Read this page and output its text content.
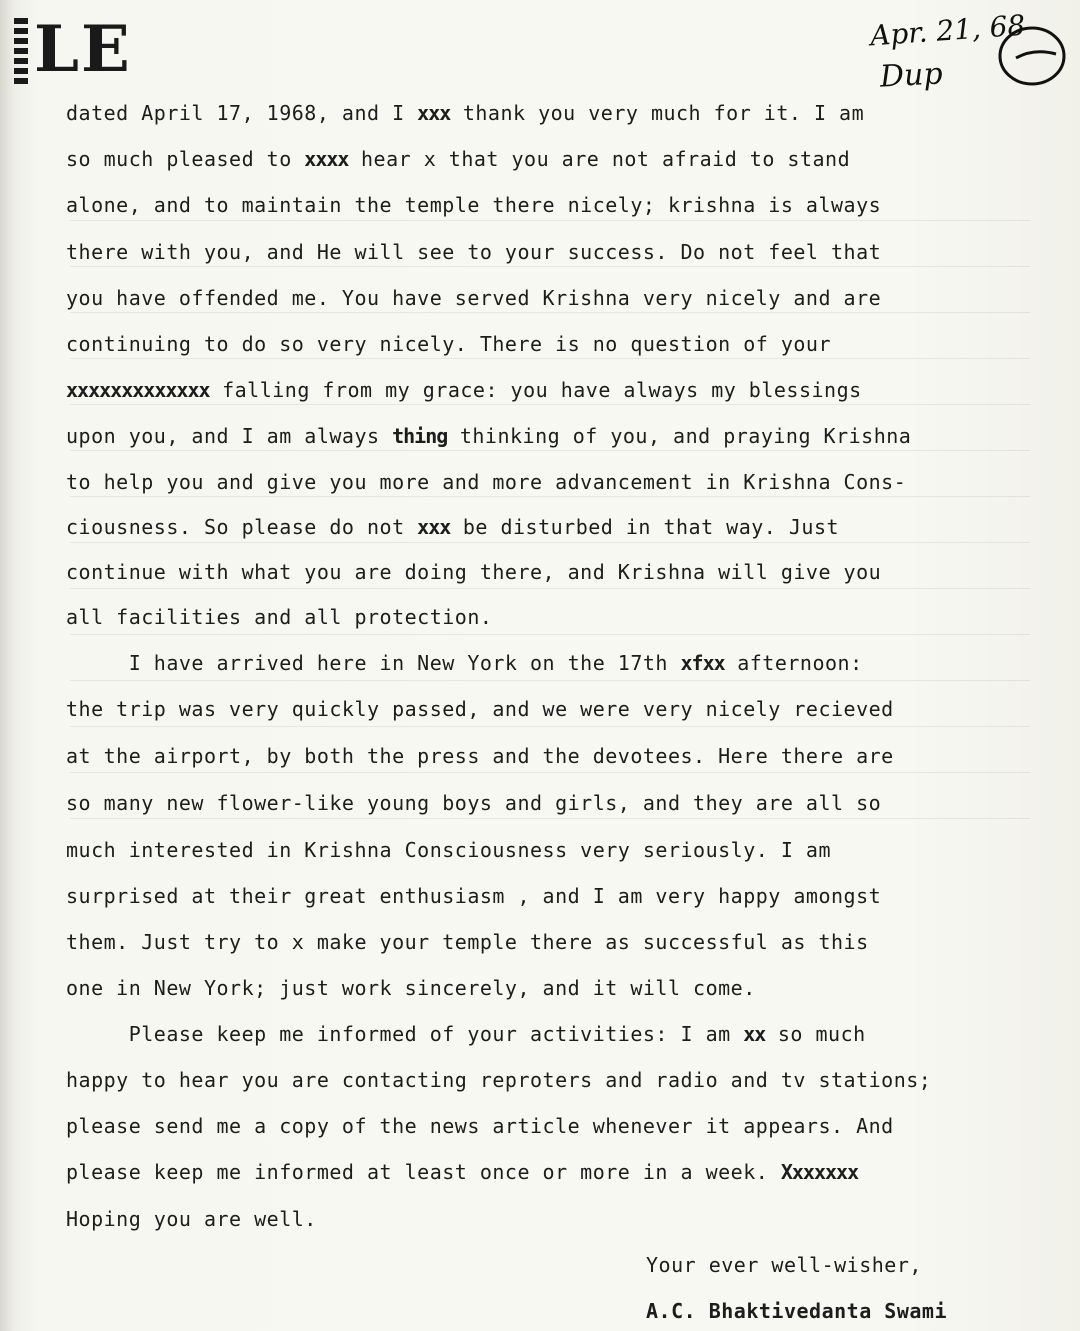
LE	Apr. 21, 68
Dup
dated April 17, 1968, and I xxx thank you very much for it. I am
so much pleased to xxxx hear x that you are not afraid to stand
alone, and to maintain the temple there nicely; krishna is always
there with you, and He will see to your success. Do not feel that
you have offended me. You have served Krishna very nicely and are
continuing to do so very nicely. There is no question of your
xxxxxxxxxxxxx falling from my grace: you have always my blessings
upon you, and I am always thing thinking of you, and praying Krishna
to help you and give you more and more advancement in Krishna Cons-
ciousness. So please do not xxx be disturbed in that way. Just
continue with what you are doing there, and Krishna will give you
all facilities and all protection.
I have arrived here in New York on the 17th xfxx afternoon:
the trip was very quickly passed, and we were very nicely recieved
at the airport, by both the press and the devotees. Here there are
so many new flower-like young boys and girls, and they are all so
much interested in Krishna Consciousness very seriously. I am
surprised at their great enthusiasm , and I am very happy amongst
them. Just try to x make your temple there as successful as this
one in New York; just work sincerely, and it will come.
Please keep me informed of your activities: I am xx so much
happy to hear you are contacting reproters and radio and tv stations;
please send me a copy of the news article whenever it appears. And
please keep me informed at least once or more in a week. Xxxxxxx
Hoping you are well.
Your ever well-wisher,
A.C. Bhaktivedanta Swami
